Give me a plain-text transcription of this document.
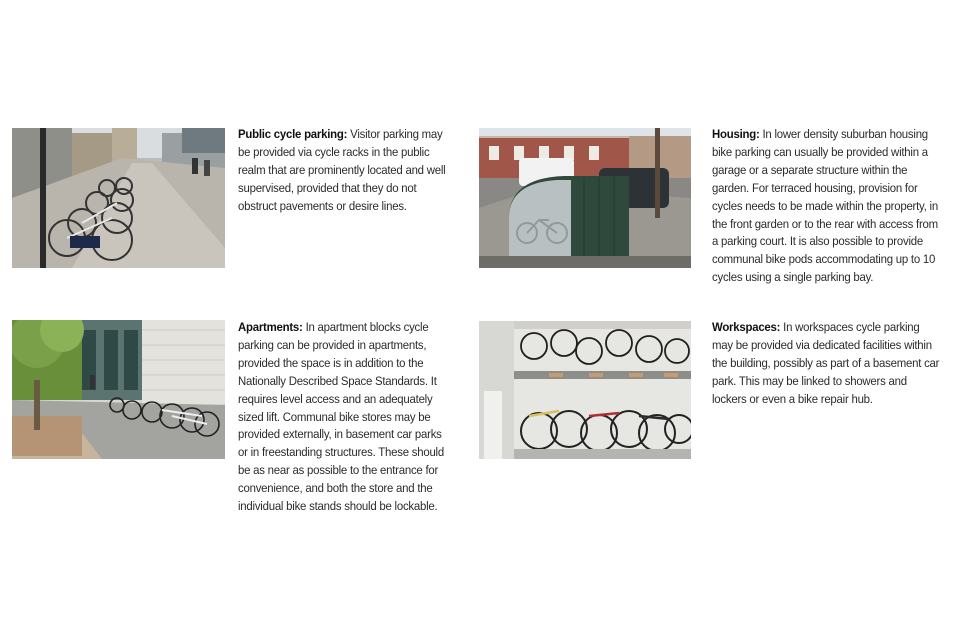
Public cycle parking: Visitor parking may be provided via cycle racks in the public realm that are prominently located and well supervised, provided that they do not obstruct pavements or desire lines.
Housing: In lower density suburban housing bike parking can usually be provided within a garage or a separate structure within the garden. For terraced housing, provision for cycles needs to be made within the property, in the front garden or to the rear with access from a parking court. It is also possible to provide communal bike pods accommodating up to 10 cycles using a single parking bay.
Apartments: In apartment blocks cycle parking can be provided in apartments, provided the space is in addition to the Nationally Described Space Standards. It requires level access and an adequately sized lift. Communal bike stores may be provided externally, in basement car parks or in freestanding structures. These should be as near as possible to the entrance for convenience, and both the store and the individual bike stands should be lockable.
Workspaces: In workspaces cycle parking may be provided via dedicated facilities within the building, possibly as part of a basement car park. This may be linked to showers and lockers or even a bike repair hub.
